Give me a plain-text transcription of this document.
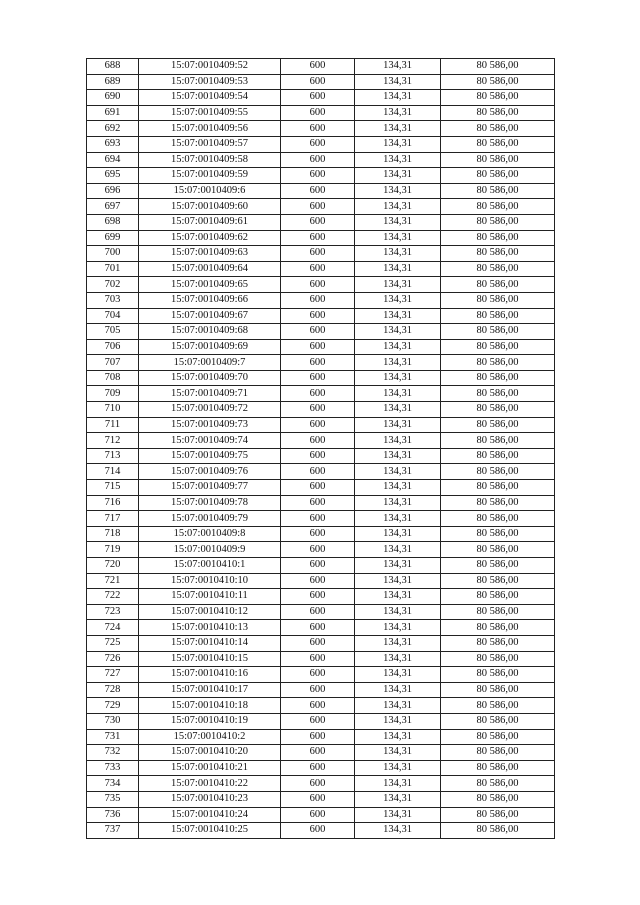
688	15:07:0010409:52	600	134,31	80 586,00
689	15:07:0010409:53	600	134,31	80 586,00
690	15:07:0010409:54	600	134,31	80 586,00
691	15:07:0010409:55	600	134,31	80 586,00
692	15:07:0010409:56	600	134,31	80 586,00
693	15:07:0010409:57	600	134,31	80 586,00
694	15:07:0010409:58	600	134,31	80 586,00
695	15:07:0010409:59	600	134,31	80 586,00
696	15:07:0010409:6	600	134,31	80 586,00
697	15:07:0010409:60	600	134,31	80 586,00
698	15:07:0010409:61	600	134,31	80 586,00
699	15:07:0010409:62	600	134,31	80 586,00
700	15:07:0010409:63	600	134,31	80 586,00
701	15:07:0010409:64	600	134,31	80 586,00
702	15:07:0010409:65	600	134,31	80 586,00
703	15:07:0010409:66	600	134,31	80 586,00
704	15:07:0010409:67	600	134,31	80 586,00
705	15:07:0010409:68	600	134,31	80 586,00
706	15:07:0010409:69	600	134,31	80 586,00
707	15:07:0010409:7	600	134,31	80 586,00
708	15:07:0010409:70	600	134,31	80 586,00
709	15:07:0010409:71	600	134,31	80 586,00
710	15:07:0010409:72	600	134,31	80 586,00
711	15:07:0010409:73	600	134,31	80 586,00
712	15:07:0010409:74	600	134,31	80 586,00
713	15:07:0010409:75	600	134,31	80 586,00
714	15:07:0010409:76	600	134,31	80 586,00
715	15:07:0010409:77	600	134,31	80 586,00
716	15:07:0010409:78	600	134,31	80 586,00
717	15:07:0010409:79	600	134,31	80 586,00
718	15:07:0010409:8	600	134,31	80 586,00
719	15:07:0010409:9	600	134,31	80 586,00
720	15:07:0010410:1	600	134,31	80 586,00
721	15:07:0010410:10	600	134,31	80 586,00
722	15:07:0010410:11	600	134,31	80 586,00
723	15:07:0010410:12	600	134,31	80 586,00
724	15:07:0010410:13	600	134,31	80 586,00
725	15:07:0010410:14	600	134,31	80 586,00
726	15:07:0010410:15	600	134,31	80 586,00
727	15:07:0010410:16	600	134,31	80 586,00
728	15:07:0010410:17	600	134,31	80 586,00
729	15:07:0010410:18	600	134,31	80 586,00
730	15:07:0010410:19	600	134,31	80 586,00
731	15:07:0010410:2	600	134,31	80 586,00
732	15:07:0010410:20	600	134,31	80 586,00
733	15:07:0010410:21	600	134,31	80 586,00
734	15:07:0010410:22	600	134,31	80 586,00
735	15:07:0010410:23	600	134,31	80 586,00
736	15:07:0010410:24	600	134,31	80 586,00
737	15:07:0010410:25	600	134,31	80 586,00
